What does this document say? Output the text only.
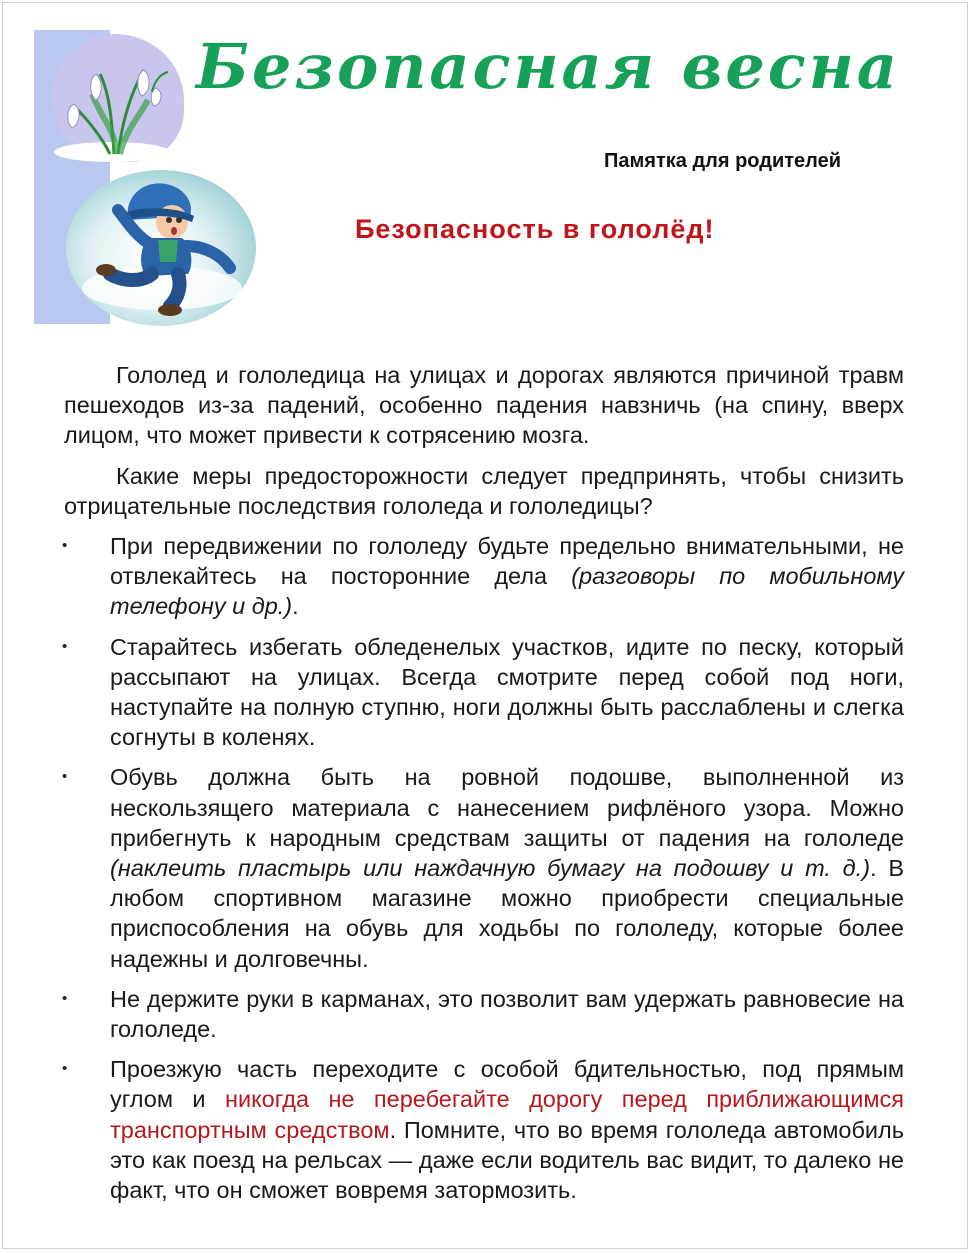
Безопасная весна
Памятка для родителей
Безопасность в гололёд!

Гололед и гололедица на улицах и дорогах являются причиной травм пешеходов из-за падений, особенно падения навзничь (на спину, вверх лицом, что может привести к сотрясению мозга.

Какие меры предосторожности следует предпринять, чтобы снизить отрицательные последствия гололеда и гололедицы?

• При передвижении по гололеду будьте предельно внимательными, не отвлекайтесь на посторонние дела (разговоры по мобильному телефону и др.).
• Старайтесь избегать обледенелых участков, идите по песку, который рассыпают на улицах. Всегда смотрите перед собой под ноги, наступайте на полную ступню, ноги должны быть расслаблены и слегка согнуты в коленях.
• Обувь должна быть на ровной подошве, выполненной из нескользящего материала с нанесением рифлёного узора. Можно прибегнуть к народным средствам защиты от падения на гололеде (наклеить пластырь или наждачную бумагу на подошву и т. д.). В любом спортивном магазине можно приобрести специальные приспособления на обувь для ходьбы по гололеду, которые более надежны и долговечны.
• Не держите руки в карманах, это позволит вам удержать равновесие на гололеде.
• Проезжую часть переходите с особой бдительностью, под прямым углом и никогда не перебегайте дорогу перед приближающимся транспортным средством. Помните, что во время гололеда автомобиль это как поезд на рельсах — даже если водитель вас видит, то далеко не факт, что он сможет вовремя затормозить.
